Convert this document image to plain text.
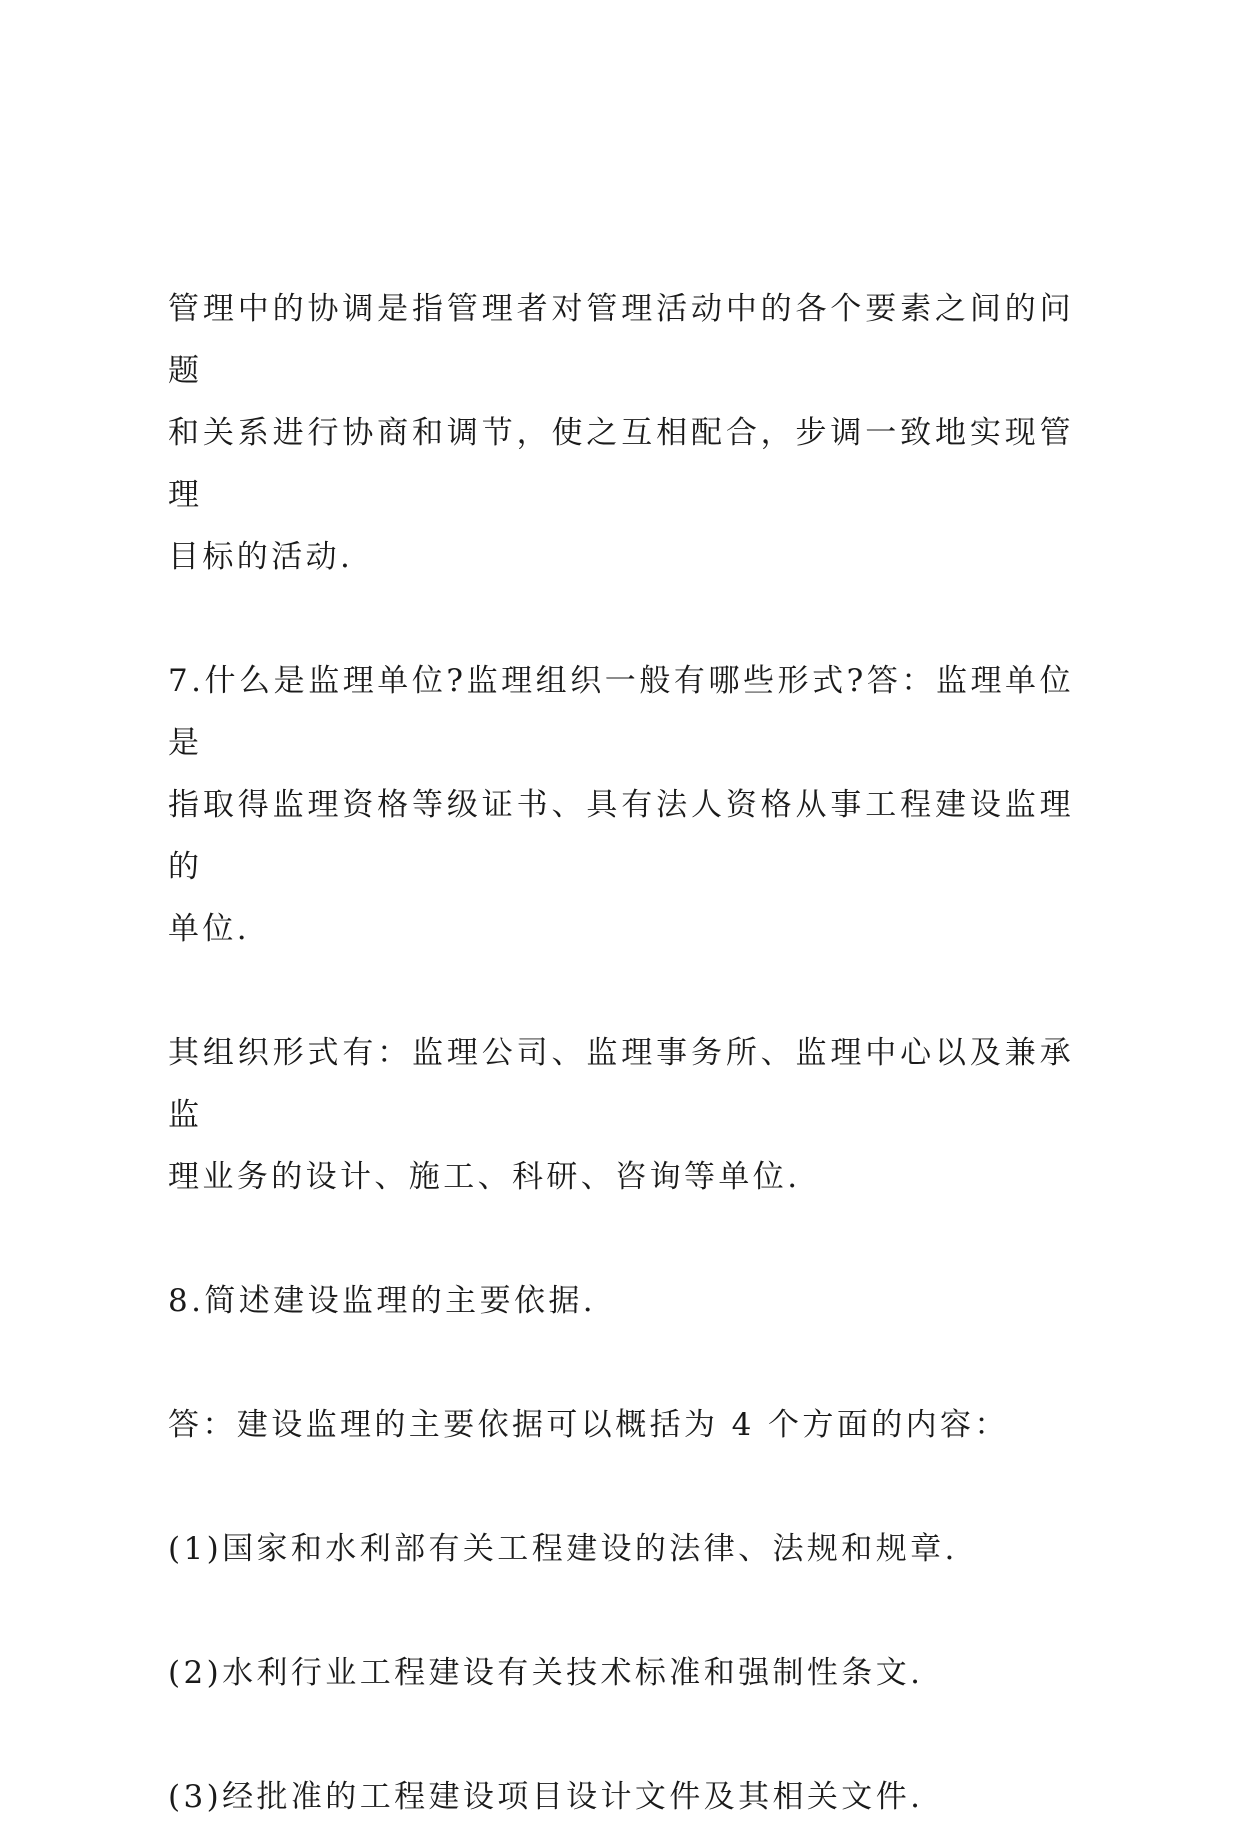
管理中的协调是指管理者对管理活动中的各个要素之间的问题
和关系进行协商和调节，使之互相配合，步调一致地实现管理
目标的活动.
7.什么是监理单位?监理组织一般有哪些形式?答：监理单位是
指取得监理资格等级证书、具有法人资格从事工程建设监理的
单位.
其组织形式有：监理公司、监理事务所、监理中心以及兼承监
理业务的设计、施工、科研、咨询等单位.
8.简述建设监理的主要依据.
答：建设监理的主要依据可以概括为 4 个方面的内容：
(1)国家和水利部有关工程建设的法律、法规和规章.
(2)水利行业工程建设有关技术标准和强制性条文.
(3)经批准的工程建设项目设计文件及其相关文件.
